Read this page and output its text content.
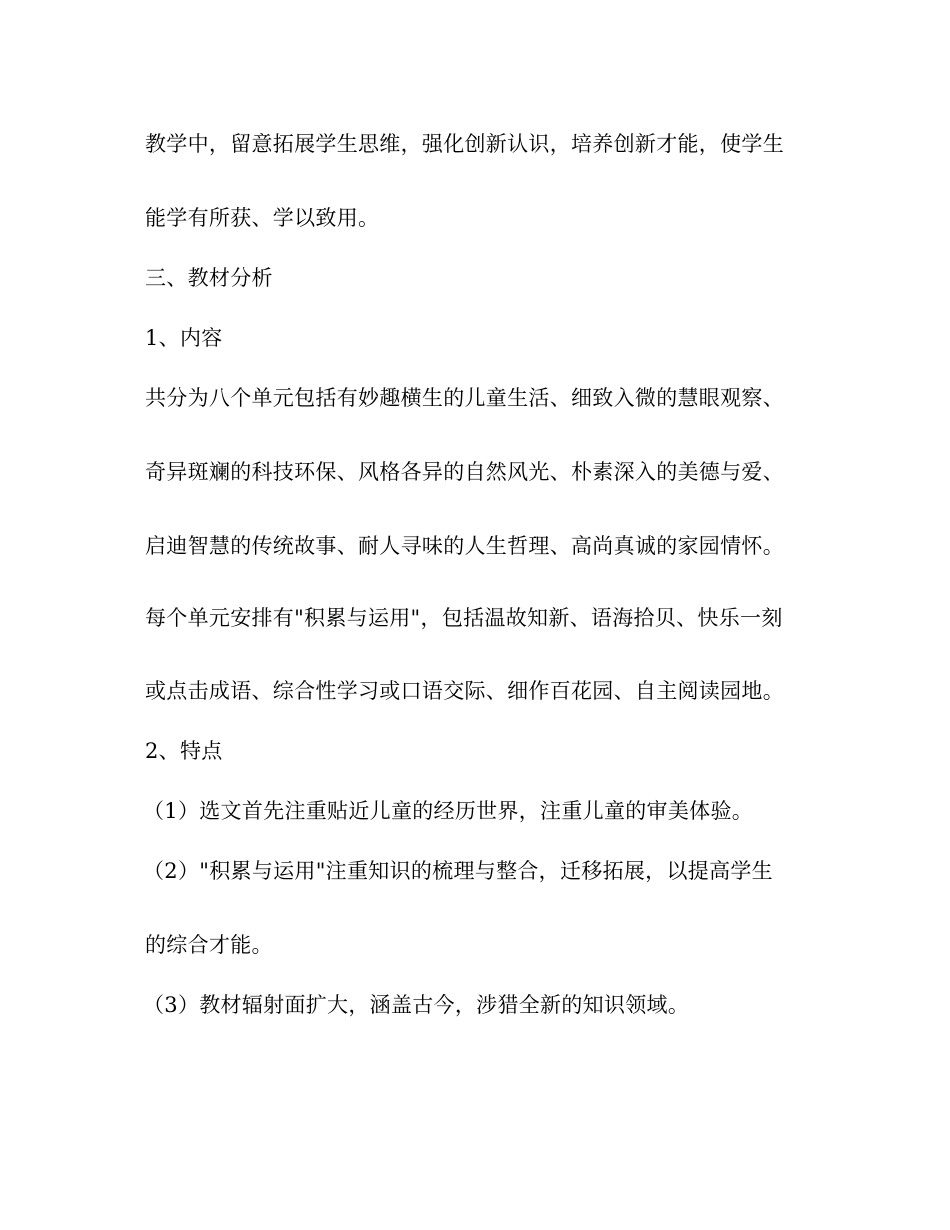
教学中，留意拓展学生思维，强化创新认识，培养创新才能，使学生
能学有所获、学以致用。
三、教材分析
1、内容
共分为八个单元包括有妙趣横生的儿童生活、细致入微的慧眼观察、
奇异斑斓的科技环保、风格各异的自然风光、朴素深入的美德与爱、
启迪智慧的传统故事、耐人寻味的人生哲理、高尚真诚的家园情怀。
每个单元安排有"积累与运用"，包括温故知新、语海拾贝、快乐一刻
或点击成语、综合性学习或口语交际、细作百花园、自主阅读园地。
2、特点
（1）选文首先注重贴近儿童的经历世界，注重儿童的审美体验。
（2）"积累与运用"注重知识的梳理与整合，迁移拓展，以提高学生
的综合才能。
（3）教材辐射面扩大，涵盖古今，涉猎全新的知识领域。
